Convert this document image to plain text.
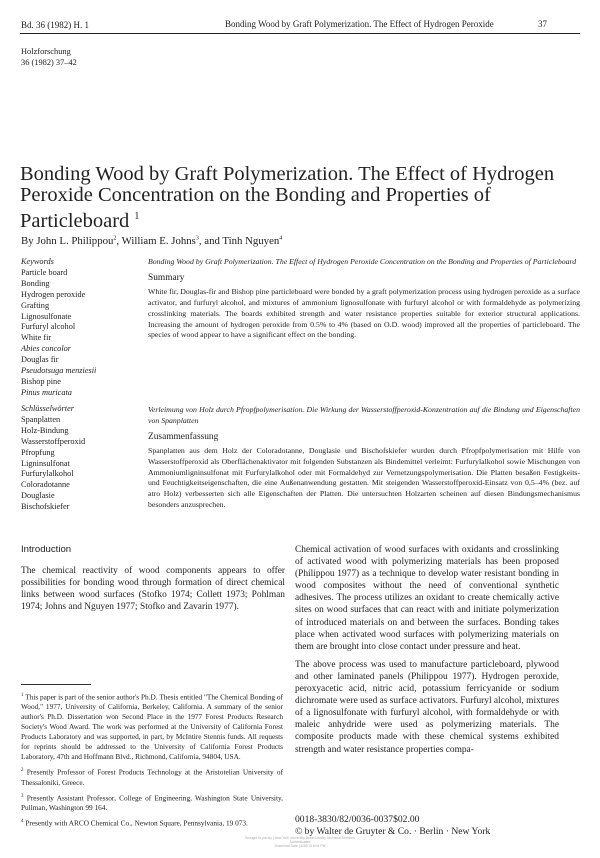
Bd. 36 (1982) H. 1	Bonding Wood by Graft Polymerization. The Effect of Hydrogen Peroxide	37
Holzforschung
36 (1982) 37–42
Bonding Wood by Graft Polymerization. The Effect of Hydrogen Peroxide Concentration on the Bonding and Properties of Particleboard $^1$
By John L. Philippou$^2$, William E. Johns$^3$, and Tinh Nguyen$^4$
Keywords
Particle board
Bonding
Hydrogen peroxide
Grafting
Lignosulfonate
Furfuryl alcohol
White fir
Abies concolor
Douglas fir
Pseudotsuga menziesii
Bishop pine
Pinus muricata
Schlüsselwörter
Spanplatten
Holz-Bindung
Wasserstoffperoxid
Pfropfung
Ligninsulfonat
Furfurylalkohol
Coloradotanne
Douglasie
Bischofskiefer
Bonding Wood by Graft Polymerization. The Effect of Hydrogen Peroxide Concentration on the Bonding and Properties of Particleboard
Summary
White fir, Douglas-fir and Bishop pine particleboard were bonded by a graft polymerization process using hydrogen peroxide as a surface activator, and furfuryl alcohol, and mixtures of ammonium lignosulfonate with furfuryl alcohol or with formaldehyde as polymerizing crosslinking materials. The boards exhibited strength and water resistance properties suitable for exterior structural applications. Increasing the amount of hydrogen peroxide from 0.5% to 4% (based on O.D. wood) improved all the properties of particleboard. The species of wood appear to have a significant effect on the bonding.
Verleimung von Holz durch Pfropfpolymerisation. Die Wirkung der Wasserstoffperoxid-Konzentration auf die Bindung und Eigenschaften von Spanplatten
Zusammenfassung
Spanplatten aus dem Holz der Coloradotanne, Douglasie und Bischofskiefer wurden durch Pfropfpolymerisation mit Hilfe von Wasserstoffperoxid als Oberflächenaktivator mit folgenden Substanzen als Bindemittel verleimt: Furfurylalkohol sowie Mischungen von Ammoniumligninsulfonat mit Furfurylalkohol oder mit Formaldehyd zur Vernetzungspolymerisation. Die Platten besaßen Festigkeits- und Feuchtigkeitseigenschaften, die eine Außenanwendung gestatten. Mit steigenden Wasserstoffperoxid-Einsatz von 0,5–4% (bez. auf atro Holz) verbesserten sich alle Eigenschaften der Platten. Die untersuchten Holzarten scheinen auf diesen Bindungsmechanismus besonders anzusprechen.
Introduction

The chemical reactivity of wood components appears to offer possibilities for bonding wood through formation of direct chemical links between wood surfaces (Stofko 1974; Collett 1973; Pohlman 1974; Johns and Nguyen 1977; Stofko and Zavarin 1977).

Chemical activation of wood surfaces with oxidants and crosslinking of activated wood with polymerizing materials has been proposed (Philippou 1977) as a technique to develop water resistant bonding in wood composites without the need of conventional synthetic adhesives. The process utilizes an oxidant to create chemically active sites on wood surfaces that can react with and initiate polymerization of introduced materials on and between the surfaces. Bonding takes place when activated wood surfaces with polymerizing materials on them are brought into close contact under pressure and heat.

The above process was used to manufacture particleboard, plywood and other laminated panels (Philippou 1977). Hydrogen peroxide, peroxyacetic acid, nitric acid, potassium ferricyanide or sodium dichromate were used as surface activators. Furfuryl alcohol, mixtures of a lignosulfonate with furfuryl alcohol, with formaldehyde or with maleic anhydride were used as polymerizing materials. The composite products made with these chemical systems exhibited strength and water resistance properties compa-

$^1$ This paper is part of the senior author's Ph.D. Thesis entitled "The Chemical Bonding of Wood," 1977, University of California, Berkeley, California. A summary of the senior author's Ph.D. Dissertation won Second Place in the 1977 Forest Products Research Society's Wood Award. The work was performed at the University of California Forest Products Laboratory and was supported, in part, by McIntire Stennis funds. All requests for reprints should be addressed to the University of California Forest Products Laboratory, 47th and Hoffmann Blvd., Richmond, California, 94804, USA.

$^2$ Presently Professor of Forest Products Technology at the Aristotelian University of Thessaloniki, Greece.

$^3$ Presently Assistant Professor, College of Engineering, Washington State University, Pullman, Washington 99 164.

$^4$ Presently with ARCO Chemical Co., Newton Square, Pennsylvania, 19 073.	0018-3830/82/0036-0037$02.00
© by Walter de Gruyter & Co. · Berlin · New York
Brought to you by | New York University Bobst Library Technical Services
Authenticated
Download Date | 6/30/15 6:04 PM
